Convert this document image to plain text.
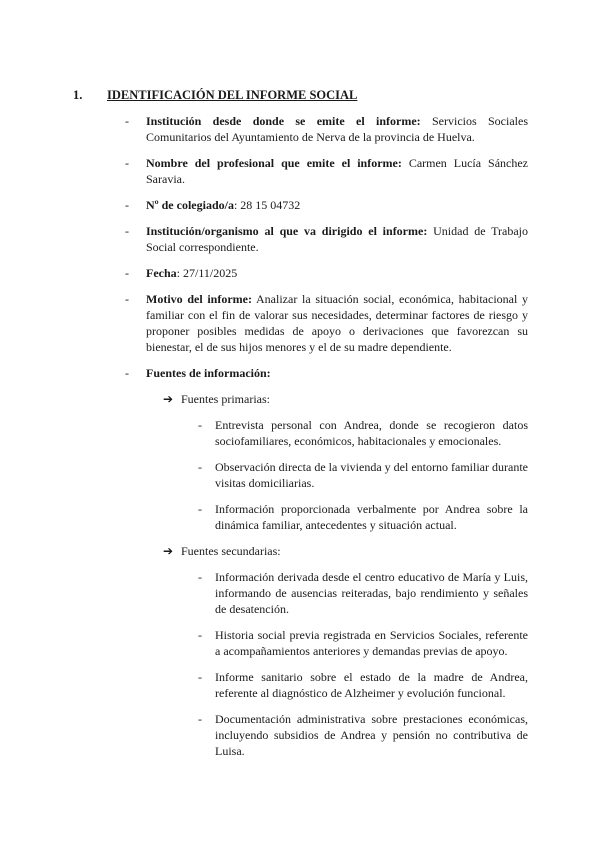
1. IDENTIFICACIÓN DEL INFORME SOCIAL
- Institución desde donde se emite el informe: Servicios Sociales Comunitarios del Ayuntamiento de Nerva de la provincia de Huelva.
- Nombre del profesional que emite el informe: Carmen Lucía Sánchez Saravia.
- Nº de colegiado/a: 28 15 04732
- Institución/organismo al que va dirigido el informe: Unidad de Trabajo Social correspondiente.
- Fecha: 27/11/2025
- Motivo del informe: Analizar la situación social, económica, habitacional y familiar con el fin de valorar sus necesidades, determinar factores de riesgo y proponer posibles medidas de apoyo o derivaciones que favorezcan su bienestar, el de sus hijos menores y el de su madre dependiente.
- Fuentes de información:
➔ Fuentes primarias:
- Entrevista personal con Andrea, donde se recogieron datos sociofamiliares, económicos, habitacionales y emocionales.
- Observación directa de la vivienda y del entorno familiar durante visitas domiciliarias.
- Información proporcionada verbalmente por Andrea sobre la dinámica familiar, antecedentes y situación actual.
➔ Fuentes secundarias:
- Información derivada desde el centro educativo de María y Luis, informando de ausencias reiteradas, bajo rendimiento y señales de desatención.
- Historia social previa registrada en Servicios Sociales, referente a acompañamientos anteriores y demandas previas de apoyo.
- Informe sanitario sobre el estado de la madre de Andrea, referente al diagnóstico de Alzheimer y evolución funcional.
- Documentación administrativa sobre prestaciones económicas, incluyendo subsidios de Andrea y pensión no contributiva de Luisa.
